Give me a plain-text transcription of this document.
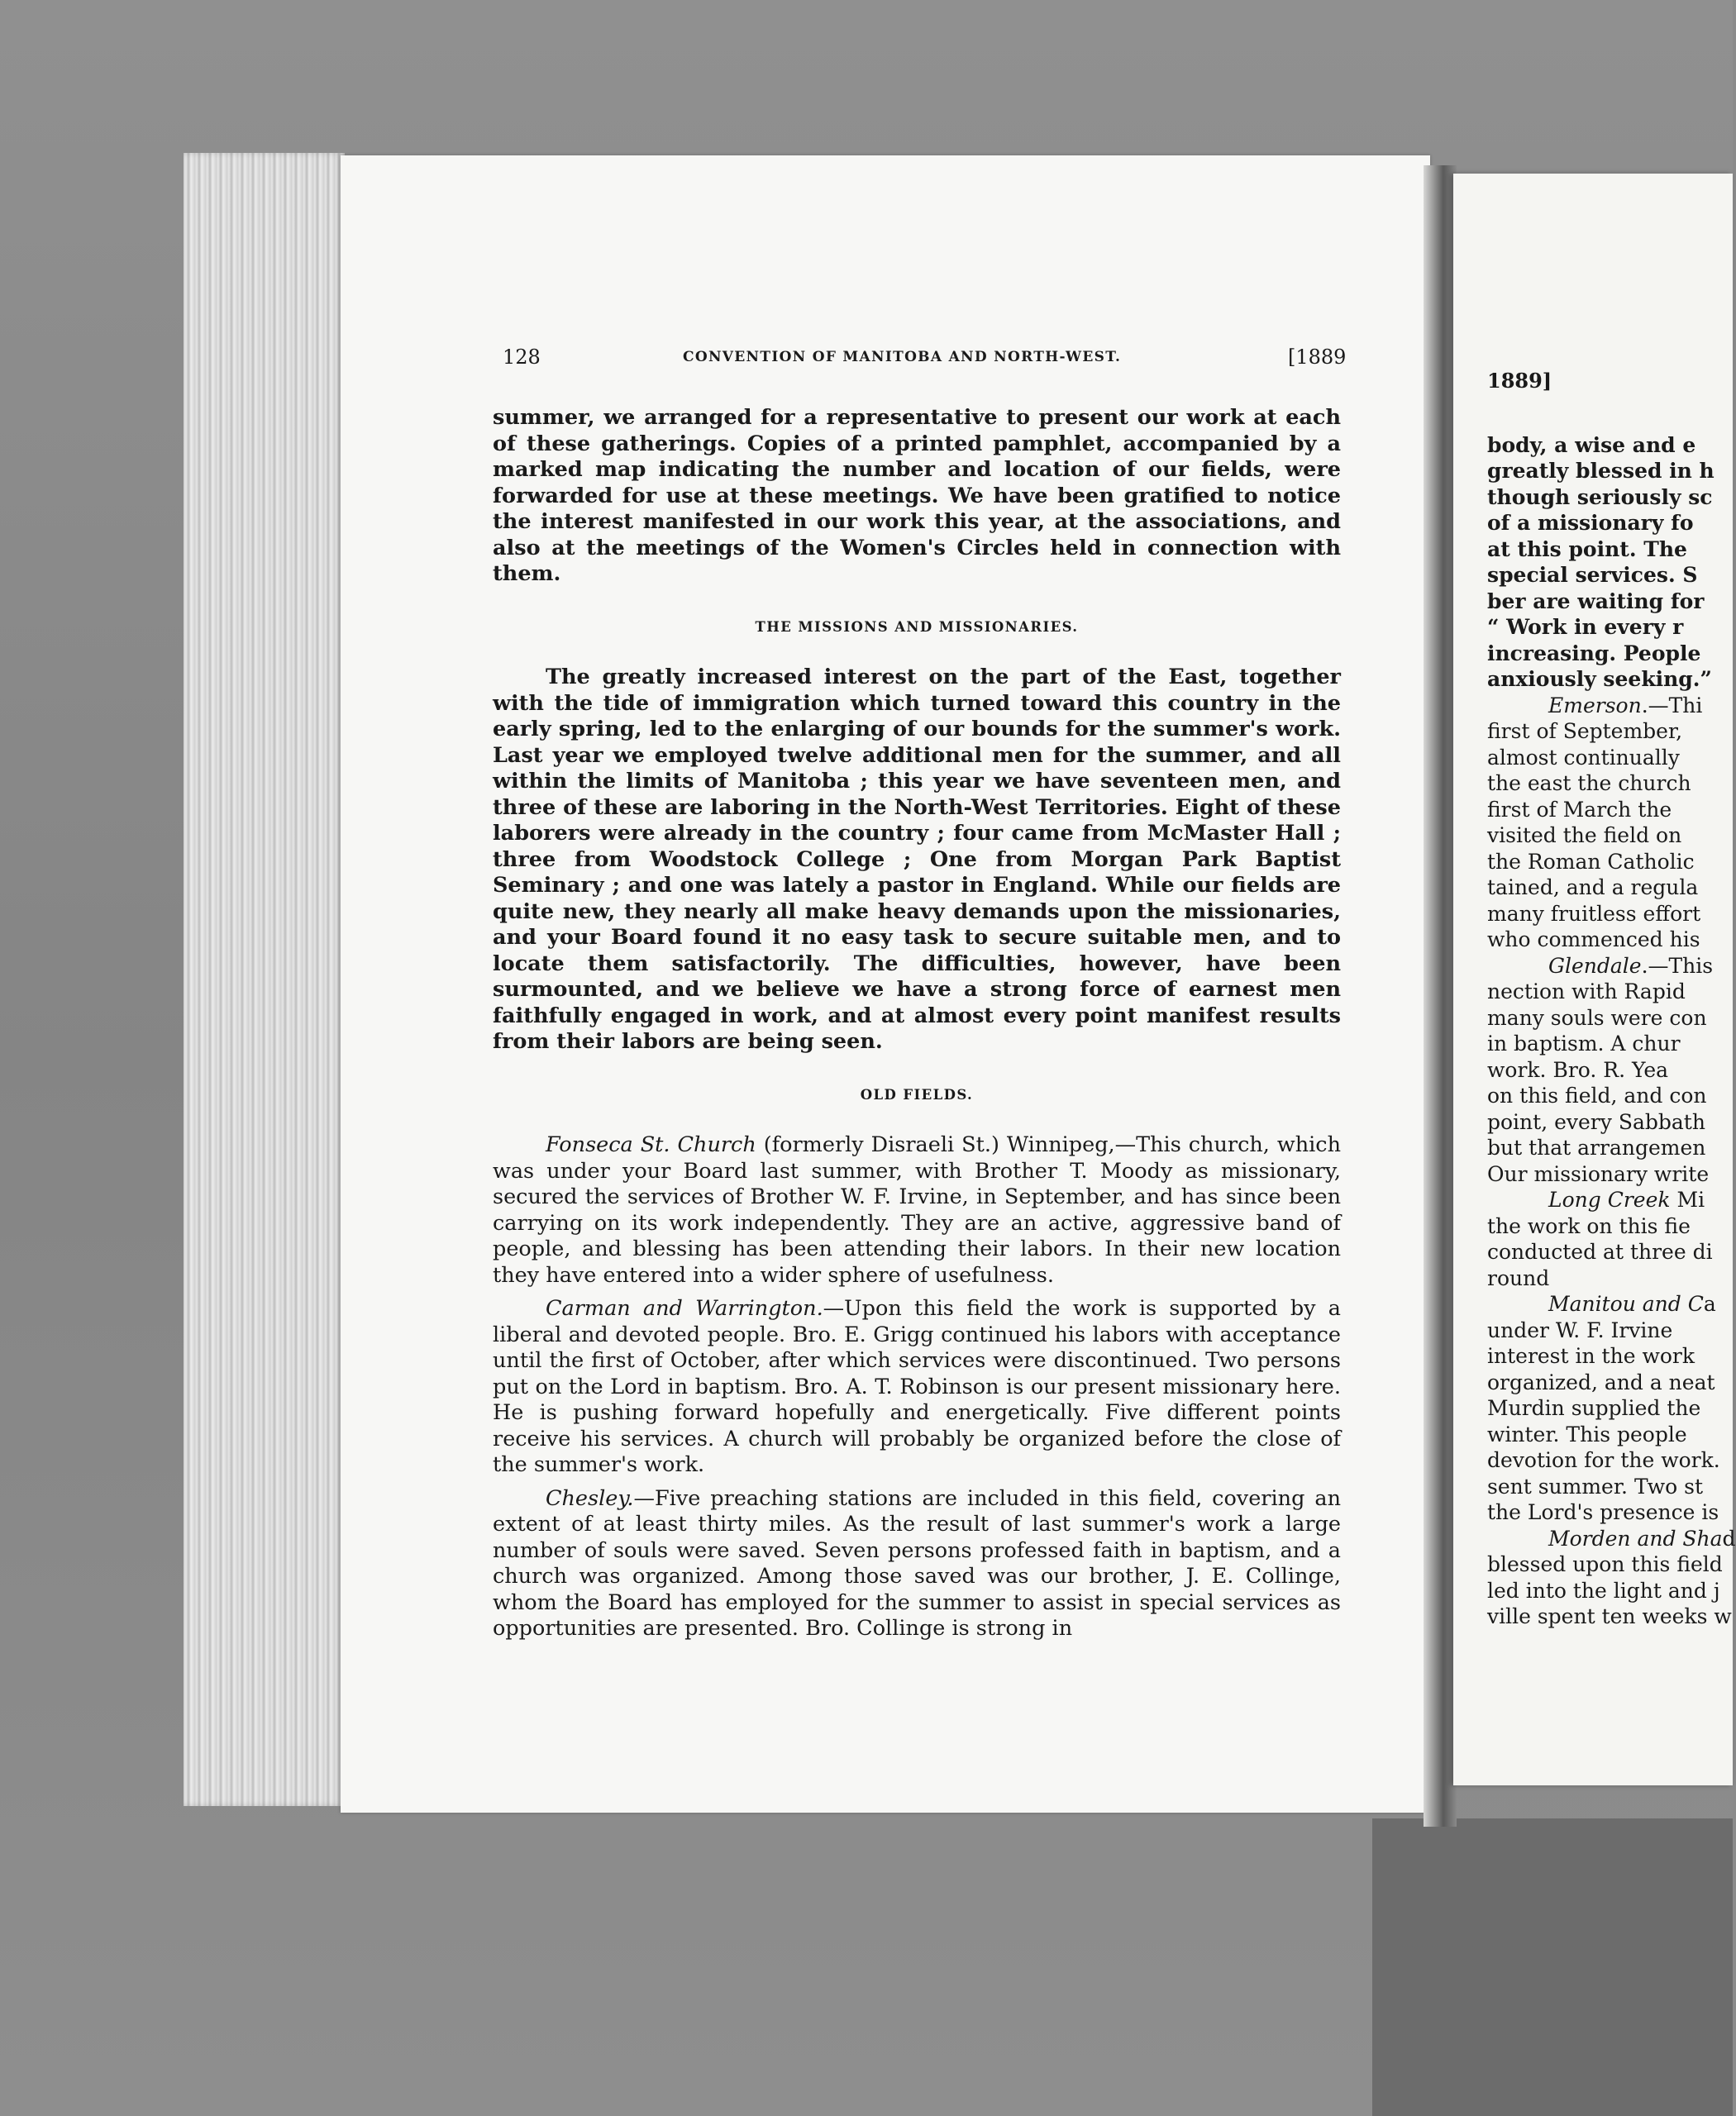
128	CONVENTION OF MANITOBA AND NORTH-WEST.	[1889

summer, we arranged for a representative to present our work at each of these gatherings. Copies of a printed pamphlet, accompanied by a marked map indicating the number and location of our fields, were forwarded for use at these meetings. We have been gratified to notice the interest manifested in our work this year, at the associations, and also at the meetings of the Women's Circles held in connection with them.

THE MISSIONS AND MISSIONARIES.

The greatly increased interest on the part of the East, together with the tide of immigration which turned toward this country in the early spring, led to the enlarging of our bounds for the summer's work. Last year we employed twelve additional men for the summer, and all within the limits of Manitoba ; this year we have seventeen men, and three of these are laboring in the North-West Territories. Eight of these laborers were already in the country ; four came from McMaster Hall ; three from Woodstock College ; One from Morgan Park Baptist Seminary ; and one was lately a pastor in England. While our fields are quite new, they nearly all make heavy demands upon the missionaries, and your Board found it no easy task to secure suitable men, and to locate them satisfactorily. The difficulties, however, have been surmounted, and we believe we have a strong force of earnest men faithfully engaged in work, and at almost every point manifest results from their labors are being seen.

OLD FIELDS.

Fonseca St. Church (formerly Disraeli St.) Winnipeg,—This church, which was under your Board last summer, with Brother T. Moody as missionary, secured the services of Brother W. F. Irvine, in September, and has since been carrying on its work independently. They are an active, aggressive band of people, and blessing has been attending their labors. In their new location they have entered into a wider sphere of usefulness.

Carman and Warrington.—Upon this field the work is supported by a liberal and devoted people. Bro. E. Grigg continued his labors with acceptance until the first of October, after which services were discontinued. Two persons put on the Lord in baptism. Bro. A. T. Robinson is our present missionary here. He is pushing forward hopefully and energetically. Five different points receive his services. A church will probably be organized before the close of the summer's work.

Chesley.—Five preaching stations are included in this field, covering an extent of at least thirty miles. As the result of last summer's work a large number of souls were saved. Seven persons professed faith in baptism, and a church was organized. Among those saved was our brother, J. E. Collinge, whom the Board has employed for the summer to assist in special services as opportunities are presented. Bro. Collinge is strong in

1889]
body, a wise and e
greatly blessed in h
though seriously sc
of a missionary fo
at this point. The
special services. S
ber are waiting for
“ Work in every r
increasing. People
anxiously seeking.”
Emerson.—Thi
first of September,
almost continually
the east the church
first of March the
visited the field on
the Roman Catholic
tained, and a regula
many fruitless effort
who commenced his
Glendale.—This
nection with Rapid
many souls were con
in baptism. A chur
work. Bro. R. Yea
on this field, and con
point, every Sabbath
but that arrangemen
Our missionary write
Long Creek Mi
the work on this fie
conducted at three di
round
Manitou and Ca
under W. F. Irvine
interest in the work
organized, and a neat
Murdin supplied the
winter. This people
devotion for the work.
sent summer. Two st
the Lord's presence is
Morden and Shad
blessed upon this field
led into the light and j
ville spent ten weeks w
